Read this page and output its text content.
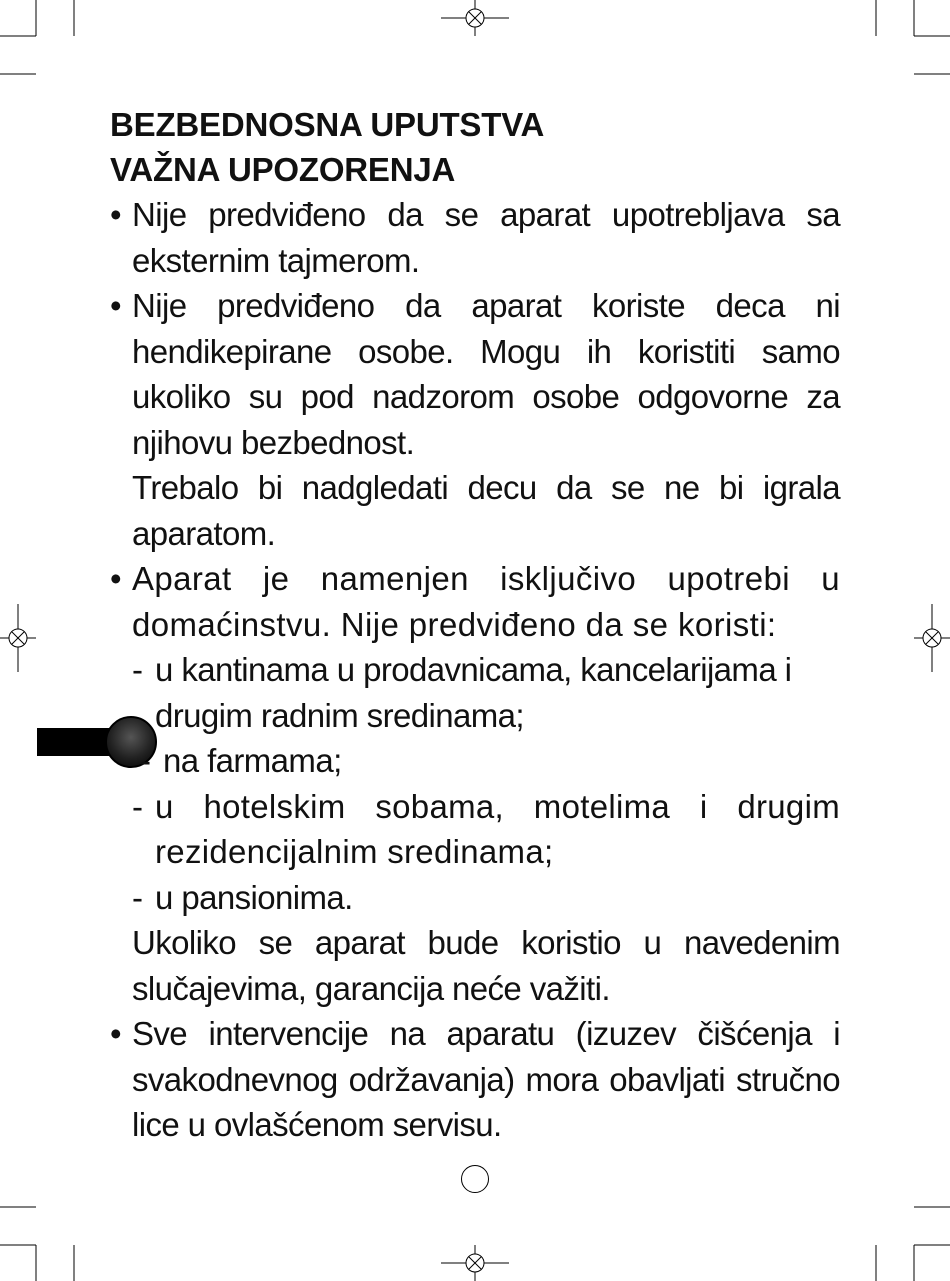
BEZBEDNOSNA UPUTSTVA
VAŽNA UPOZORENJA
• Nije predviđeno da se aparat upotrebljava sa eksternim tajmerom.

• Nije predviđeno da aparat koriste deca ni hendikepirane osobe. Mogu ih koristiti samo ukoliko su pod nadzorom osobe odgovorne za njihovu bezbednost.

Trebalo bi nadgledati decu da se ne bi igrala aparatom.

• Aparat je namenjen isključivo upotrebi u domaćinstvu. Nije predviđeno da se koristi:

- u kantinama u prodavnicama, kancelarijama i drugim radnim sredinama;
- na farmama;
- u hotelskim sobama, motelima i drugim rezidencijalnim sredinama;
- u pansionima.

Ukoliko se aparat bude koristio u navedenim slučajevima, garancija neće važiti.

• Sve intervencije na aparatu (izuzev čišćenja i svakodnevnog održavanja) mora obavljati stručno lice u ovlašćenom servisu.
